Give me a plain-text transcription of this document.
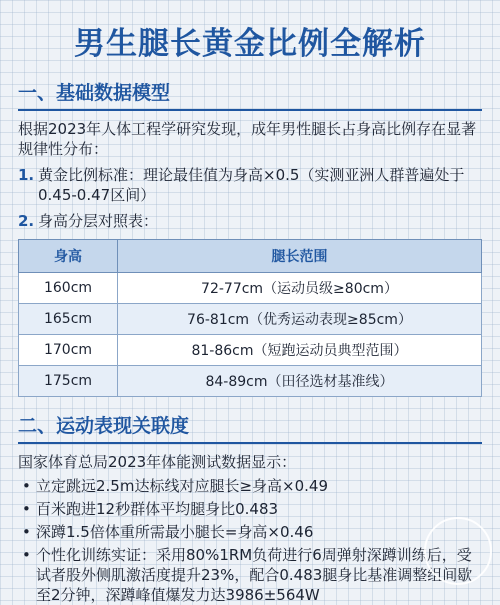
男生腿长黄金比例全解析
一、基础数据模型
根据2023年人体工程学研究发现，成年男性腿长占身高比例存在显著规律性分布：
1. 黄金比例标准：理论最佳值为身高×0.5（实测亚洲人群普遍处于0.45-0.47区间）
2. 身高分层对照表：
身高	腿长范围
160cm	72-77cm（运动员级≥80cm）
165cm	76-81cm（优秀运动表现≥85cm）
170cm	81-86cm（短跑运动员典型范围）
175cm	84-89cm（田径选材基准线）
二、运动表现关联度
国家体育总局2023年体能测试数据显示：
• 立定跳远2.5m达标线对应腿长≥身高×0.49
• 百米跑进12秒群体平均腿身比0.483
• 深蹲1.5倍体重所需最小腿长=身高×0.46
• 个性化训练实证：采用80%1RM负荷进行6周弹射深蹲训练后，受试者股外侧肌激活度提升23%，配合0.483腿身比基准调整组间歇至2分钟，深蹲峰值爆发力达3986±564W
